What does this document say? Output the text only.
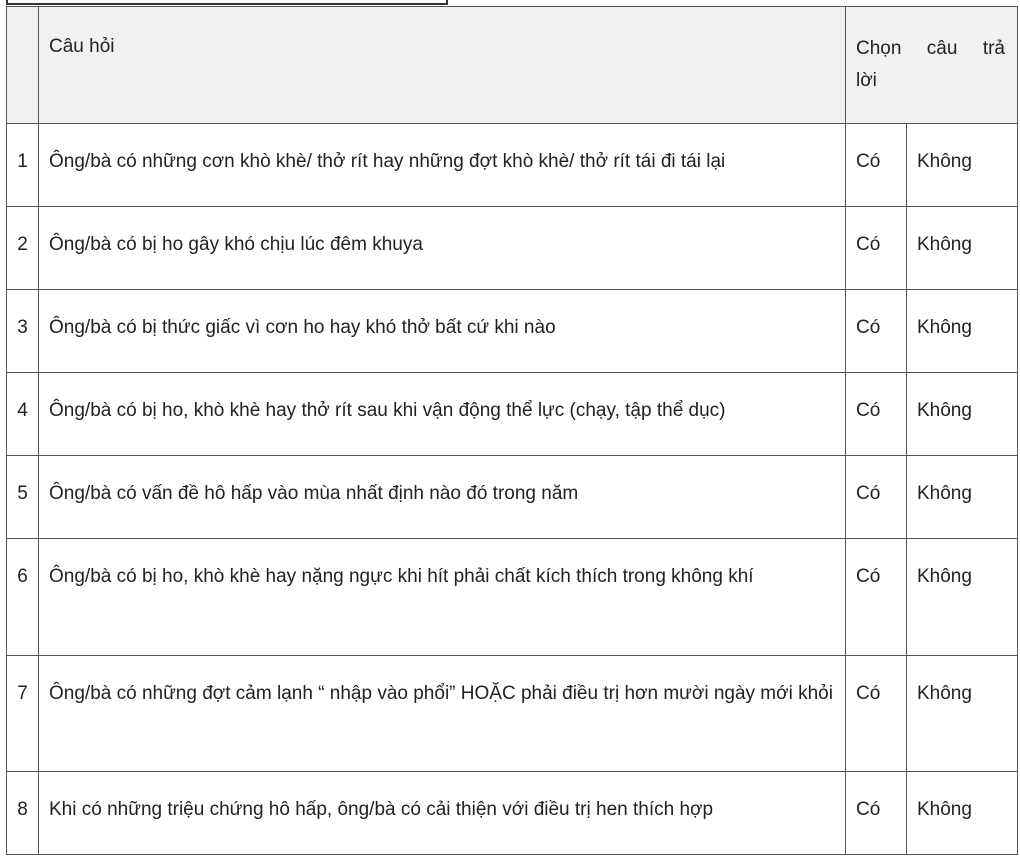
	Câu hỏi	Chọn câu trả
lời	

1	Ông/bà có những cơn khò khè/ thở rít hay những đợt khò khè/ thở rít tái đi tái lại	Có	Không
2	Ông/bà có bị ho gây khó chịu lúc đêm khuya	Có	Không
3	Ông/bà có bị thức giấc vì cơn ho hay khó thở bất cứ khi nào	Có	Không
4	Ông/bà có bị ho, khò khè hay thở rít sau khi vận động thể lực (chạy, tập thể dục)	Có	Không
5	Ông/bà có vấn đề hô hấp vào mùa nhất định nào đó trong năm	Có	Không
6	Ông/bà có bị ho, khò khè hay nặng ngực khi hít phải chất kích thích trong không khí	Có	Không
7	Ông/bà có những đợt cảm lạnh “ nhập vào phổi” HOẶC phải điều trị hơn mười ngày mới khỏi	Có	Không
8	Khi có những triệu chứng hô hấp, ông/bà có cải thiện với điều trị hen thích hợp	Có	Không
